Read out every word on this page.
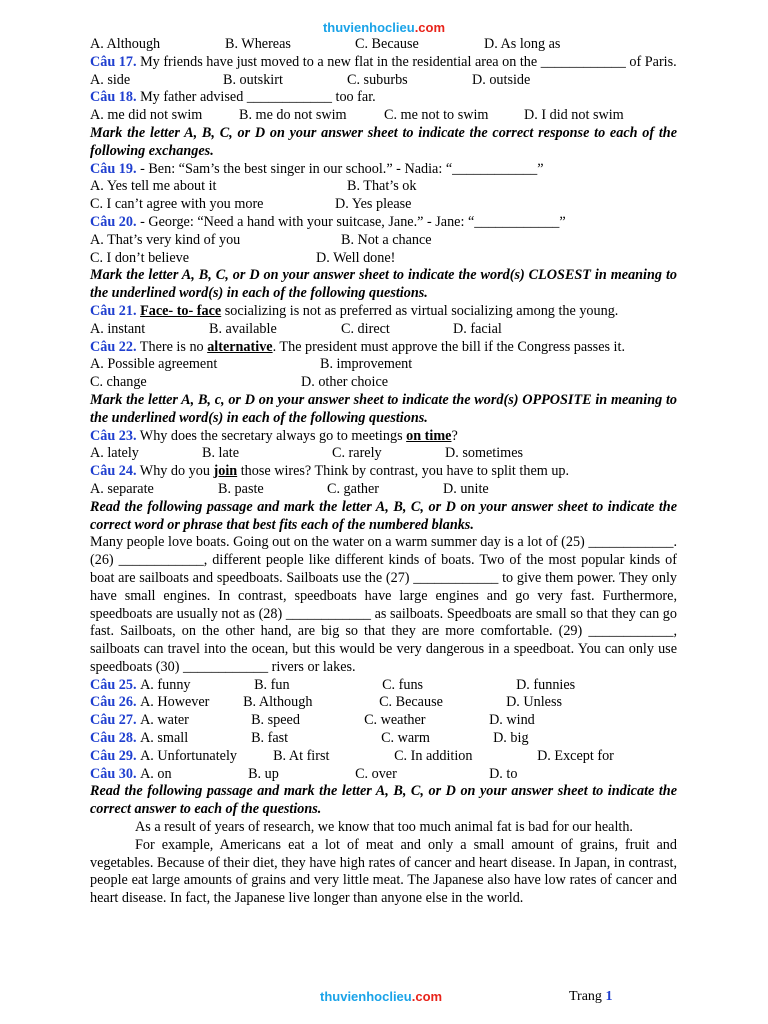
thuvienhoclieu.com
A. Although	B. Whereas	C. Because	D. As long as
Câu 17. My friends have just moved to a new flat in the residential area on the ____________ of Paris.
A. side	B. outskirt	C. suburbs	D. outside
Câu 18. My father advised ____________ too far.
A. me did not swim	B. me do not swim	C. me not to swim	D. I did not swim
Mark the letter A, B, C, or D on your answer sheet to indicate the correct response to each of the following exchanges.
Câu 19. - Ben: “Sam’s the best singer in our school.” - Nadia: “____________”
A. Yes tell me about it	B. That’s ok
C. I can’t agree with you more	D. Yes please
Câu 20. - George: “Need a hand with your suitcase, Jane.” - Jane: “____________”
A. That’s very kind of you	B. Not a chance
C. I don’t believe	D. Well done!
Mark the letter A, B, C, or D on your answer sheet to indicate the word(s) CLOSEST in meaning to the underlined word(s) in each of the following questions.
Câu 21. Face- to- face socializing is not as preferred as virtual socializing among the young.
A. instant	B. available	C. direct	D. facial
Câu 22. There is no alternative. The president must approve the bill if the Congress passes it.
A. Possible agreement	B. improvement
C. change	D. other choice
Mark the letter A, B, c, or D on your answer sheet to indicate the word(s) OPPOSITE in meaning to the underlined word(s) in each of the following questions.
Câu 23. Why does the secretary always go to meetings on time?
A. lately	B. late	C. rarely	D. sometimes
Câu 24. Why do you join those wires? Think by contrast, you have to split them up.
A. separate	B. paste	C. gather	D. unite
Read the following passage and mark the letter A, B, C, or D on your answer sheet to indicate the correct word or phrase that best fits each of the numbered blanks.
Many people love boats. Going out on the water on a warm summer day is a lot of (25) ____________. (26) ____________, different people like different kinds of boats. Two of the most popular kinds of boat are sailboats and speedboats. Sailboats use the (27) ____________ to give them power. They only have small engines. In contrast, speedboats have large engines and go very fast. Furthermore, speedboats are usually not as (28) ____________ as sailboats. Speedboats are small so that they can go fast. Sailboats, on the other hand, are big so that they are more comfortable. (29) ____________, sailboats can travel into the ocean, but this would be very dangerous in a speedboat. You can only use speedboats (30) ____________ rivers or lakes.
Câu 25.
A. funny	B. fun	C. funs	D. funnies
Câu 26.
A. However	B. Although	C. Because	D. Unless
Câu 27.
A. water	B. speed	C. weather	D. wind
Câu 28.
A. small	B. fast	C. warm	D. big
Câu 29.
A. Unfortunately	B. At first	C. In addition	D. Except for
Câu 30.
A. on	B. up	C. over	D. to
Read the following passage and mark the letter A, B, C, or D on your answer sheet to indicate the correct answer to each of the questions.
As a result of years of research, we know that too much animal fat is bad for our health.
For example, Americans eat a lot of meat and only a small amount of grains, fruit and vegetables. Because of their diet, they have high rates of cancer and heart disease. In Japan, in contrast, people eat large amounts of grains and very little meat. The Japanese also have low rates of cancer and heart disease. In fact, the Japanese live longer than anyone else in the world.
thuvienhoclieu.com	Trang 1
